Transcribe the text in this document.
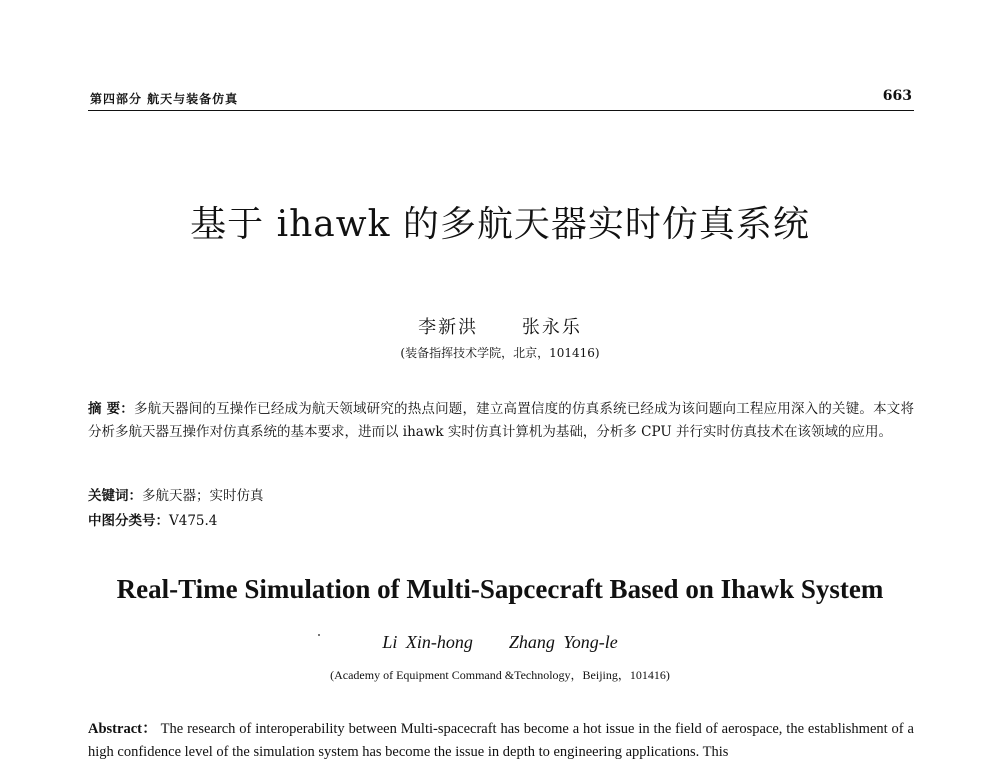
第四部分 航天与装备仿真	663
基于 ihawk 的多航天器实时仿真系统
李新洪 张永乐
(装备指挥技术学院，北京，101416)
摘 要：多航天器间的互操作已经成为航天领域研究的热点问题，建立高置信度的仿真系统已经成为该问题向工程应用深入的关键。本文将分析多航天器互操作对仿真系统的基本要求，进而以 ihawk 实时仿真计算机为基础，分析多 CPU 并行实时仿真技术在该领域的应用。
关键词：多航天器；实时仿真
中图分类号：V475.4
Real-Time Simulation of Multi-Sapcecraft Based on Ihawk System
Li Xin-hong Zhang Yong-le
(Academy of Equipment Command &Technology，Beijing，101416)
Abstract： The research of interoperability between Multi-spacecraft has become a hot issue in the field of aerospace, the establishment of a high confidence level of the simulation system has become the issue in depth to engineering applications. This
